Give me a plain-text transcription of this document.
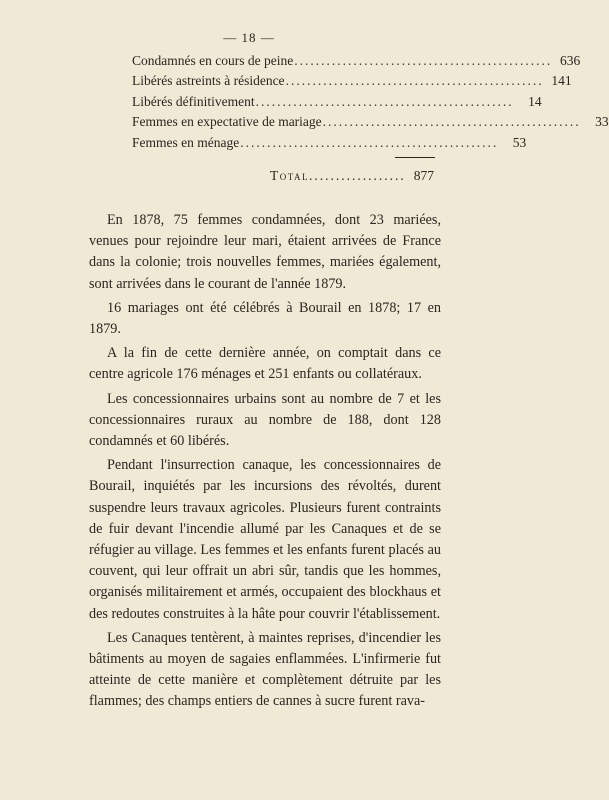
— 18 —
Condamnés en cours de peine ................................................ 636
Libérés astreints à résidence ................................................ 141
Libérés définitivement ................................................	14
Femmes en expectative de mariage ................................................	33
Femmes en ménage ................................................	53
Total .................. 877

En 1878, 75 femmes condamnées, dont 23 mariées, venues pour rejoindre leur mari, étaient arrivées de France dans la colonie; trois nouvelles femmes, mariées également, sont arrivées dans le courant de l'année 1879.

16 mariages ont été célébrés à Bourail en 1878; 17 en 1879.

A la fin de cette dernière année, on comptait dans ce centre agricole 176 ménages et 251 enfants ou collatéraux.

Les concessionnaires urbains sont au nombre de 7 et les concessionnaires ruraux au nombre de 188, dont 128 condamnés et 60 libérés.

Pendant l'insurrection canaque, les concessionnaires de Bourail, inquiétés par les incursions des révoltés, durent suspendre leurs travaux agricoles. Plusieurs furent contraints de fuir devant l'incendie allumé par les Canaques et de se réfugier au village. Les femmes et les enfants furent placés au couvent, qui leur offrait un abri sûr, tandis que les hommes, organisés militairement et armés, occupaient des blockhaus et des redoutes construites à la hâte pour couvrir l'établissement.

Les Canaques tentèrent, à maintes reprises, d'incendier les bâtiments au moyen de sagaies enflammées. L'infirmerie fut atteinte de cette manière et complètement détruite par les flammes; des champs entiers de cannes à sucre furent rava-
